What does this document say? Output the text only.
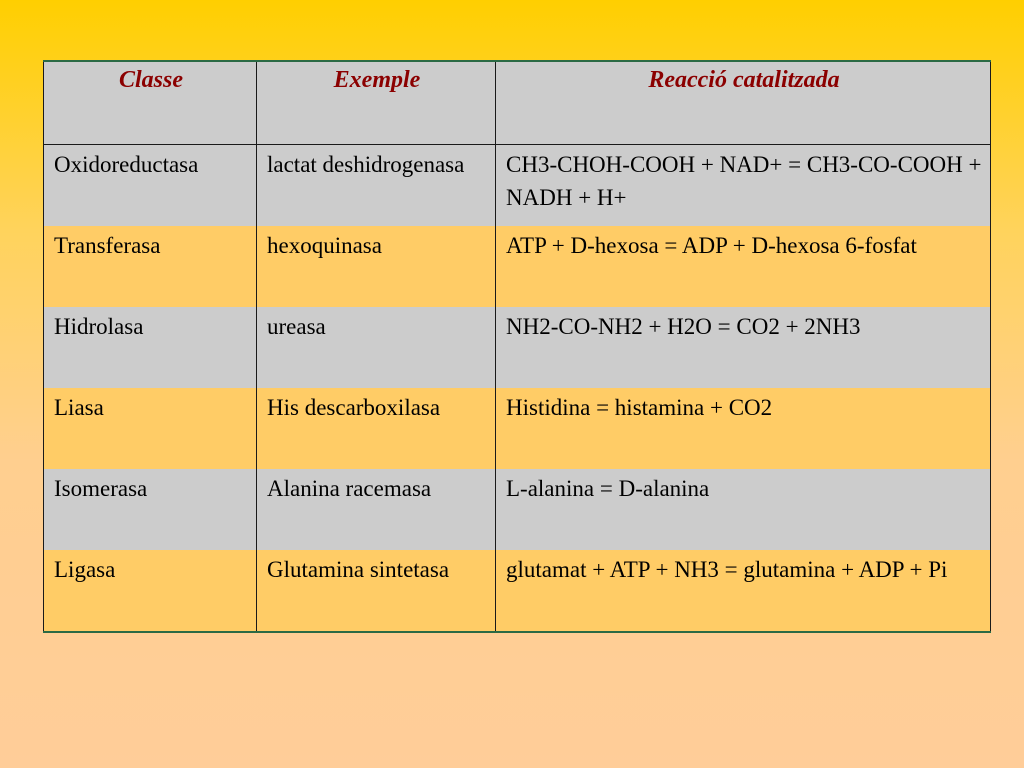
Classe	Exemple	Reacció catalitzada
Oxidoreductasa	lactat deshidrogenasa	CH3-CHOH-COOH + NAD+ = CH3-CO-COOH + NADH + H+
Transferasa	hexoquinasa	ATP + D-hexosa = ADP + D-hexosa 6-fosfat
Hidrolasa	ureasa	NH2-CO-NH2 + H2O = CO2 + 2NH3
Liasa	His descarboxilasa	Histidina = histamina + CO2
Isomerasa	Alanina racemasa	L-alanina = D-alanina
Ligasa	Glutamina sintetasa	glutamat + ATP + NH3 = glutamina + ADP + Pi
